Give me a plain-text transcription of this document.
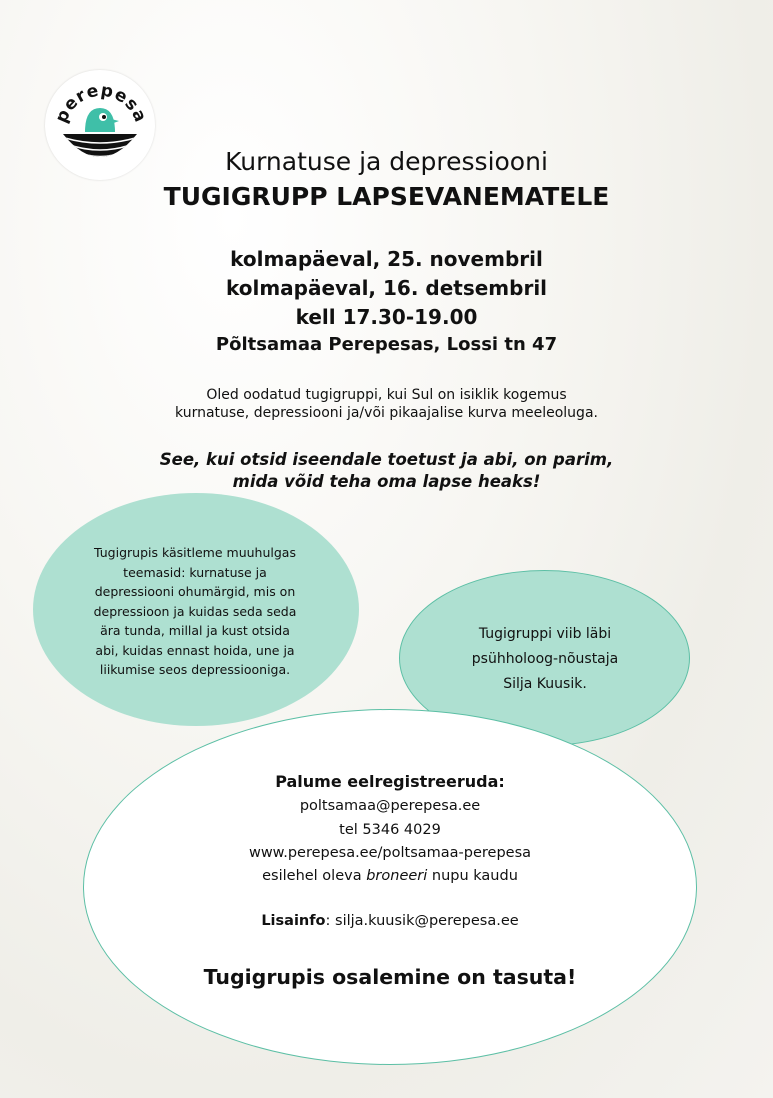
perepesa
Kurnatuse ja depressiooni
TUGIGRUPP LAPSEVANEMATELE
kolmapäeval, 25. novembril
kolmapäeval, 16. detsembril
kell 17.30-19.00
Põltsamaa Perepesas, Lossi tn 47
Oled oodatud tugigruppi, kui Sul on isiklik kogemus
kurnatuse, depressiooni ja/või pikaajalise kurva meeleoluga.
See, kui otsid iseendale toetust ja abi, on parim,
mida võid teha oma lapse heaks!
Tugigrupis käsitleme muuhulgas
teemasid: kurnatuse ja
depressiooni ohumärgid, mis on
depressioon ja kuidas seda seda
ära tunda, millal ja kust otsida
abi, kuidas ennast hoida, une ja
liikumise seos depressiooniga.
Tugigruppi viib läbi
psühholoog-nõustaja
Silja Kuusik.
Palume eelregistreeruda:
poltsamaa@perepesa.ee
tel 5346 4029
www.perepesa.ee/poltsamaa-perepesa
esilehel oleva broneeri nupu kaudu
Lisainfo: silja.kuusik@perepesa.ee
Tugigrupis osalemine on tasuta!
